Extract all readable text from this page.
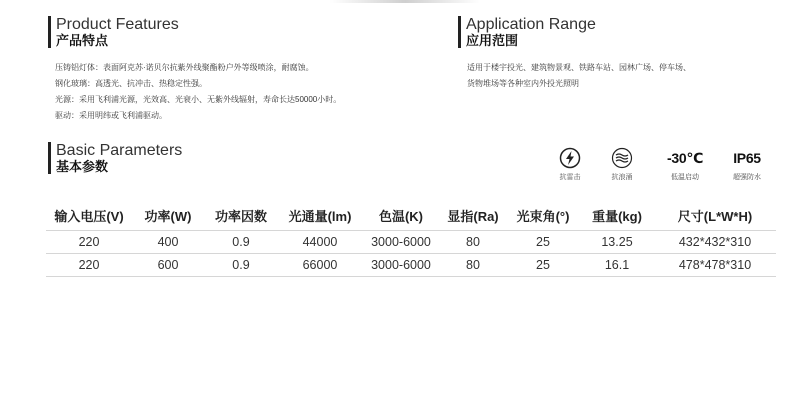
Product Features
产品特点

压铸铝灯体：表面阿克苏·诺贝尔抗紫外线聚酯粉户外等级喷涂，耐腐蚀。

钢化玻璃：高透光、抗冲击、热稳定性强。

光源：采用飞利浦光源，光效高、光衰小、无紫外线辐射，寿命长达50000小时。

驱动：采用明纬或飞利浦驱动。

Application Range
应用范围

适用于楼宇投光、建筑物景观、铁路车站、园林广场、停车场、

货物堆场等各种室内外投光照明

Basic Parameters
基本参数
抗雷击	抗浪涌
-30℃
低温启动
IP65
超强防水
输入电压(V)	功率(W)	功率因数	光通量(lm)	色温(K)	显指(Ra)	光束角(°)	重量(kg)	尺寸(L*W*H)
220	400	0.9	44000	3000-6000	80	25	13.25	432*432*310
220	600	0.9	66000	3000-6000	80	25	16.1	478*478*310
